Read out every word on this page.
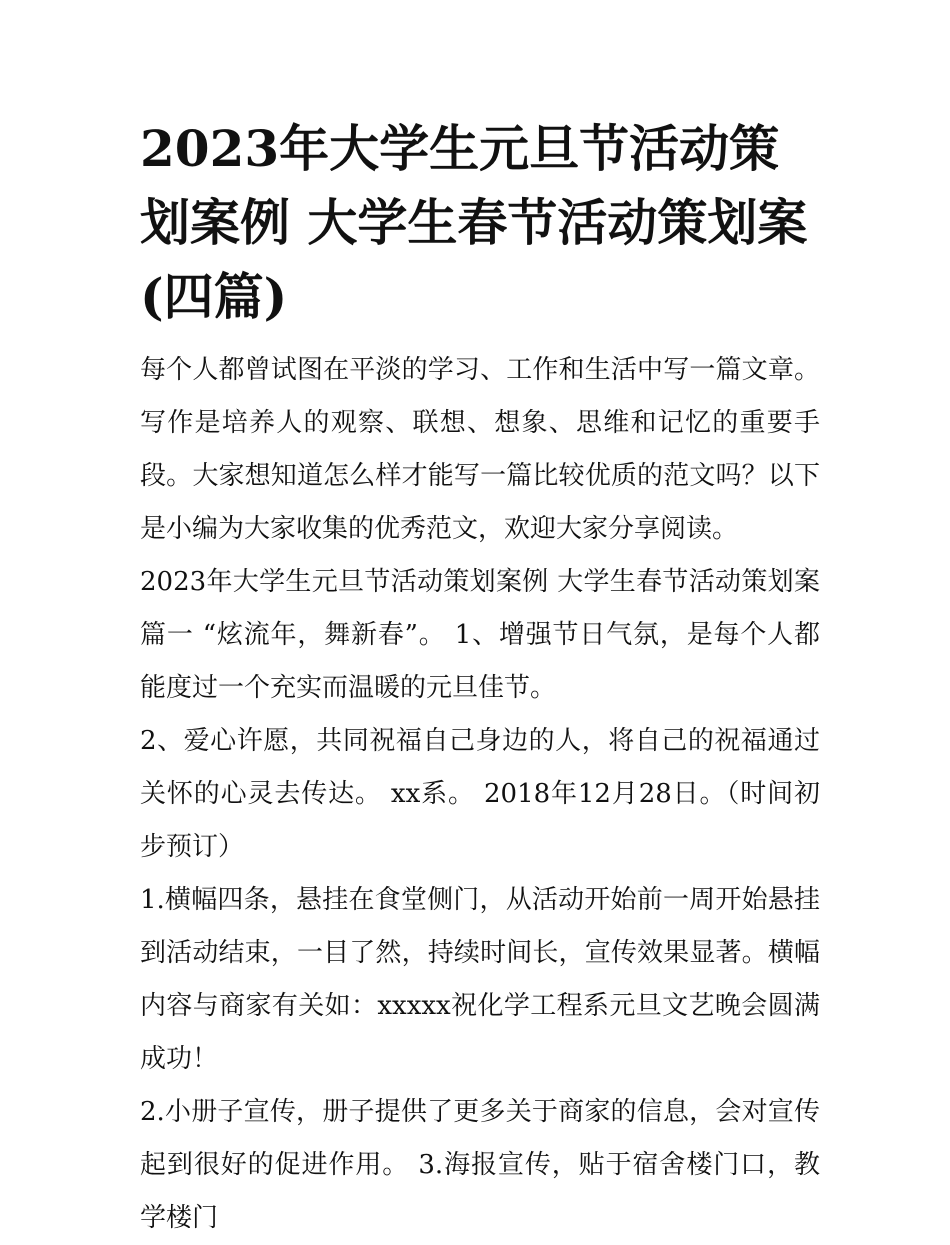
2023年大学生元旦节活动策划案例 大学生春节活动策划案(四篇)

每个人都曾试图在平淡的学习、工作和生活中写一篇文章。写作是培养人的观察、联想、想象、思维和记忆的重要手段。大家想知道怎么样才能写一篇比较优质的范文吗？以下是小编为大家收集的优秀范文，欢迎大家分享阅读。

2023年大学生元旦节活动策划案例 大学生春节活动策划案篇一 “炫流年，舞新春”。 1、增强节日气氛，是每个人都能度过一个充实而温暖的元旦佳节。

2、爱心许愿，共同祝福自己身边的人，将自己的祝福通过关怀的心灵去传达。 xx系。 2018年12月28日。（时间初步预订）

1.横幅四条，悬挂在食堂侧门，从活动开始前一周开始悬挂到活动结束，一目了然，持续时间长，宣传效果显著。横幅内容与商家有关如：xxxxx祝化学工程系元旦文艺晚会圆满成功！

2.小册子宣传，册子提供了更多关于商家的信息，会对宣传起到很好的促进作用。 3.海报宣传，贴于宿舍楼门口，教学楼门
